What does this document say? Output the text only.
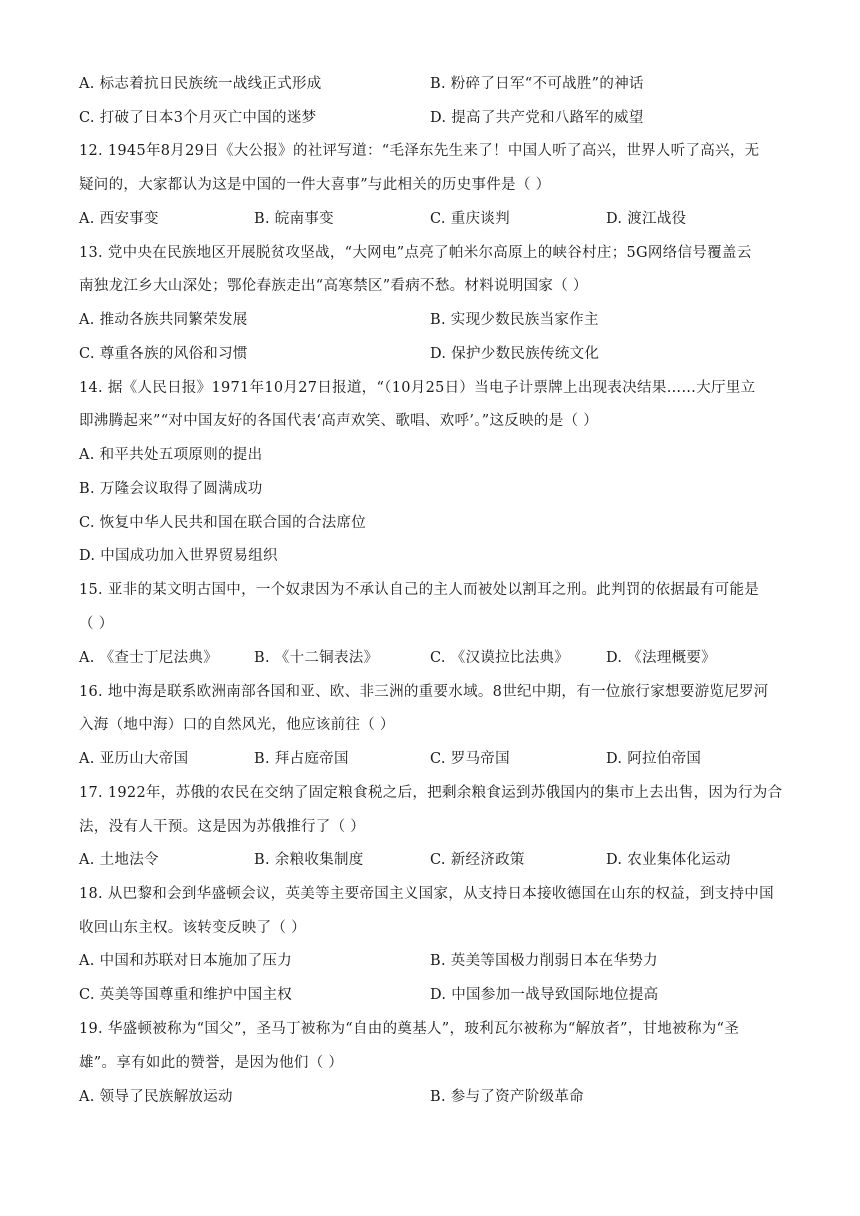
A. 标志着抗日民族统一战线正式形成	B. 粉碎了日军“不可战胜”的神话
C. 打破了日本3个月灭亡中国的迷梦	D. 提高了共产党和八路军的威望
12. 1945年8月29日《大公报》的社评写道：“毛泽东先生来了！中国人听了高兴，世界人听了高兴，无
疑问的，大家都认为这是中国的一件大喜事”与此相关的历史事件是（ ）
A. 西安事变	B. 皖南事变	C. 重庆谈判	D. 渡江战役
13. 党中央在民族地区开展脱贫攻坚战，“大网电”点亮了帕米尔高原上的峡谷村庄；5G网络信号覆盖云
南独龙江乡大山深处；鄂伦春族走出“高寒禁区”看病不愁。材料说明国家（ ）
A. 推动各族共同繁荣发展	B. 实现少数民族当家作主
C. 尊重各族的风俗和习惯	D. 保护少数民族传统文化
14. 据《人民日报》1971年10月27日报道，“（10月25日）当电子计票牌上出现表决结果……大厅里立
即沸腾起来”“对中国友好的各国代表‘高声欢笑、歌唱、欢呼’。”这反映的是（ ）
A. 和平共处五项原则的提出
B. 万隆会议取得了圆满成功
C. 恢复中华人民共和国在联合国的合法席位
D. 中国成功加入世界贸易组织
15. 亚非的某文明古国中，一个奴隶因为不承认自己的主人而被处以割耳之刑。此判罚的依据最有可能是
（ ）
A. 《查士丁尼法典》 B. 《十二铜表法》	C. 《汉谟拉比法典》	D. 《法理概要》
16. 地中海是联系欧洲南部各国和亚、欧、非三洲的重要水域。8世纪中期，有一位旅行家想要游览尼罗河
入海（地中海）口的自然风光，他应该前往（ ）
A. 亚历山大帝国	B. 拜占庭帝国	C. 罗马帝国	D. 阿拉伯帝国
17. 1922年，苏俄的农民在交纳了固定粮食税之后，把剩余粮食运到苏俄国内的集市上去出售，因为行为合
法，没有人干预。这是因为苏俄推行了（ ）
A. 土地法令	B. 余粮收集制度	C. 新经济政策	D. 农业集体化运动
18. 从巴黎和会到华盛顿会议，英美等主要帝国主义国家，从支持日本接收德国在山东的权益，到支持中国
收回山东主权。该转变反映了（ ）
A. 中国和苏联对日本施加了压力	B. 英美等国极力削弱日本在华势力
C. 英美等国尊重和维护中国主权	D. 中国参加一战导致国际地位提高
19. 华盛顿被称为“国父”，圣马丁被称为“自由的奠基人”，玻利瓦尔被称为“解放者”，甘地被称为“圣
雄”。享有如此的赞誉，是因为他们（ ）
A. 领导了民族解放运动	B. 参与了资产阶级革命
